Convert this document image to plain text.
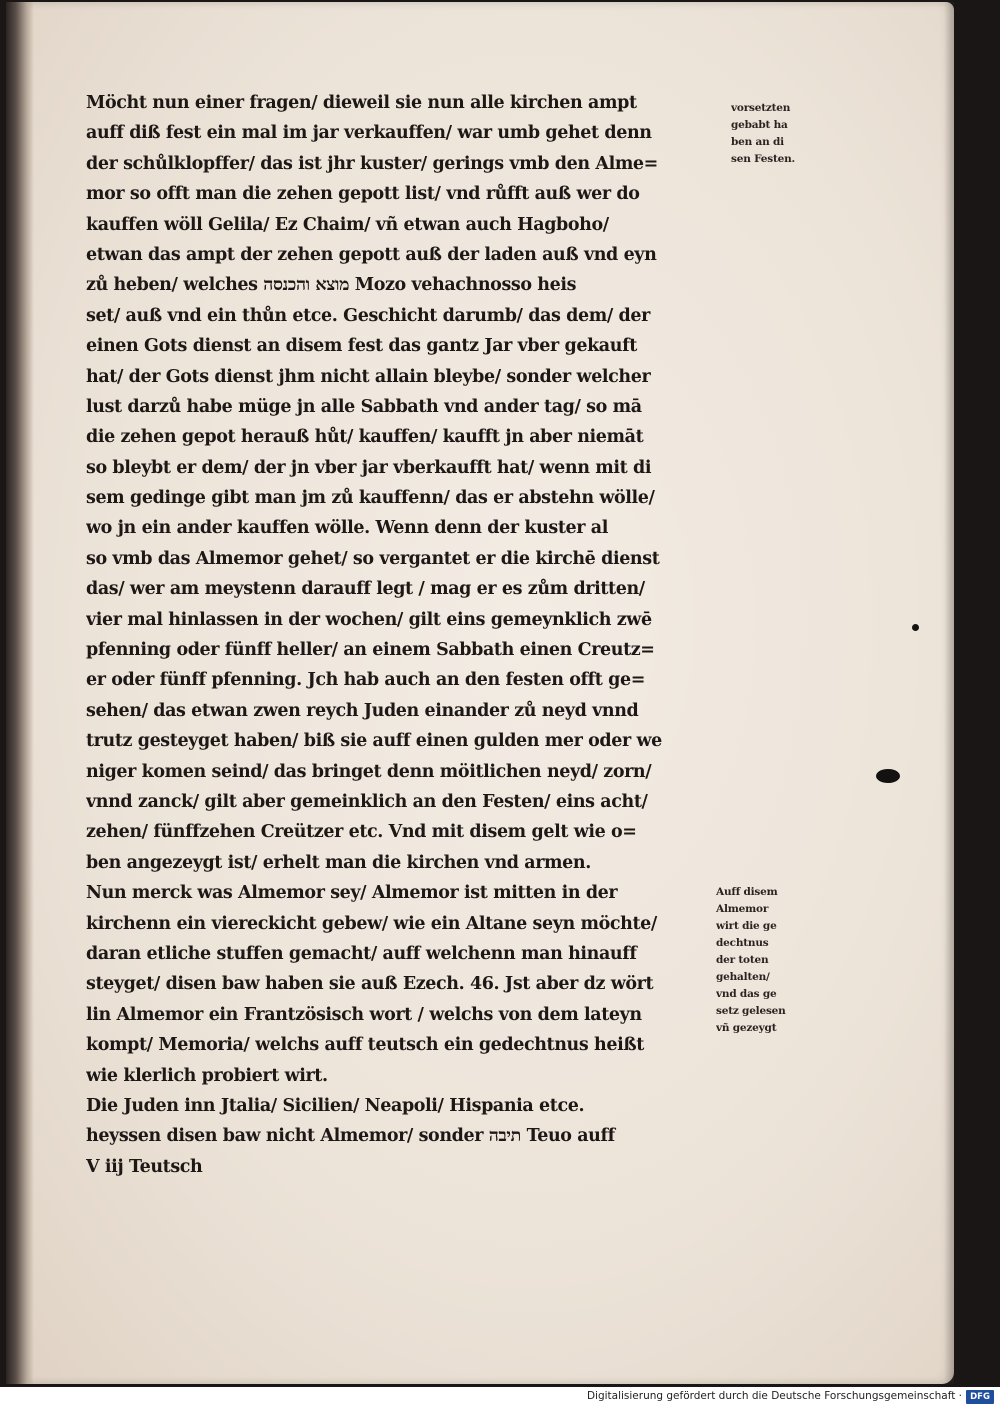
Möcht nun einer fragen/ dieweil sie nun alle kirchen ampt
auff diß fest ein mal im jar verkauffen/ war umb gehet denn
der schůlklopffer/ das ist jhr kuster/ gerings vmb den Alme=
mor so offt man die zehen gepott list/ vnd růfft auß wer do
kauffen wöll Gelila/ Ez Chaim/ vñ etwan auch Hagboho/
etwan das ampt der zehen gepott auß der laden auß vnd eyn
zů heben/ welches מוצא והכנסה Mozo vehachnosso heis
set/ auß vnd ein thůn etce. Geschicht darumb/ das dem/ der
einen Gots dienst an disem fest das gantz Jar vber gekauft
hat/ der Gots dienst jhm nicht allain bleybe/ sonder welcher
lust darzů habe müge jn alle Sabbath vnd ander tag/ so mā
die zehen gepot herauß hůt/ kauffen/ kaufft jn aber niemāt
so bleybt er dem/ der jn vber jar vberkaufft hat/ wenn mit di
sem gedinge gibt man jm zů kauffenn/ das er abstehn wölle/
wo jn ein ander kauffen wölle. Wenn denn der kuster al
so vmb das Almemor gehet/ so vergantet er die kirchē dienst
das/ wer am meystenn darauff legt / mag er es zům dritten/
vier mal hinlassen in der wochen/ gilt eins gemeynklich zwē
pfenning oder fünff heller/ an einem Sabbath einen Creutz=
er oder fünff pfenning. Jch hab auch an den festen offt ge=
sehen/ das etwan zwen reych Juden einander zů neyd vnnd
trutz gesteyget haben/ biß sie auff einen gulden mer oder we
niger komen seind/ das bringet denn möitlichen neyd/ zorn/
vnnd zanck/ gilt aber gemeinklich an den Festen/ eins acht/
zehen/ fünffzehen Creützer etc. Vnd mit disem gelt wie o=
ben angezeygt ist/ erhelt man die kirchen vnd armen.
Nun merck was Almemor sey/ Almemor ist mitten in der
kirchenn ein viereckicht gebew/ wie ein Altane seyn möchte/
daran etliche stuffen gemacht/ auff welchenn man hinauff
steyget/ disen baw haben sie auß Ezech. 46. Jst aber dz wört
lin Almemor ein Frantzösisch wort / welchs von dem lateyn
kompt/ Memoria/ welchs auff teutsch ein gedechtnus heißt
wie klerlich probiert wirt.
Die Juden inn Jtalia/ Sicilien/ Neapoli/ Hispania etce.
heyssen disen baw nicht Almemor/ sonder תיבה Teuo auff
V iij Teutsch
vorsetzten
gebabt ha
ben an di
sen Festen.
Auff disem
Almemor
wirt die ge
dechtnus
der toten
gehalten/
vnd das ge
setz gelesen
vñ gezeygt
Digitalisierung gefördert durch die Deutsche Forschungsgemeinschaft · DFG
